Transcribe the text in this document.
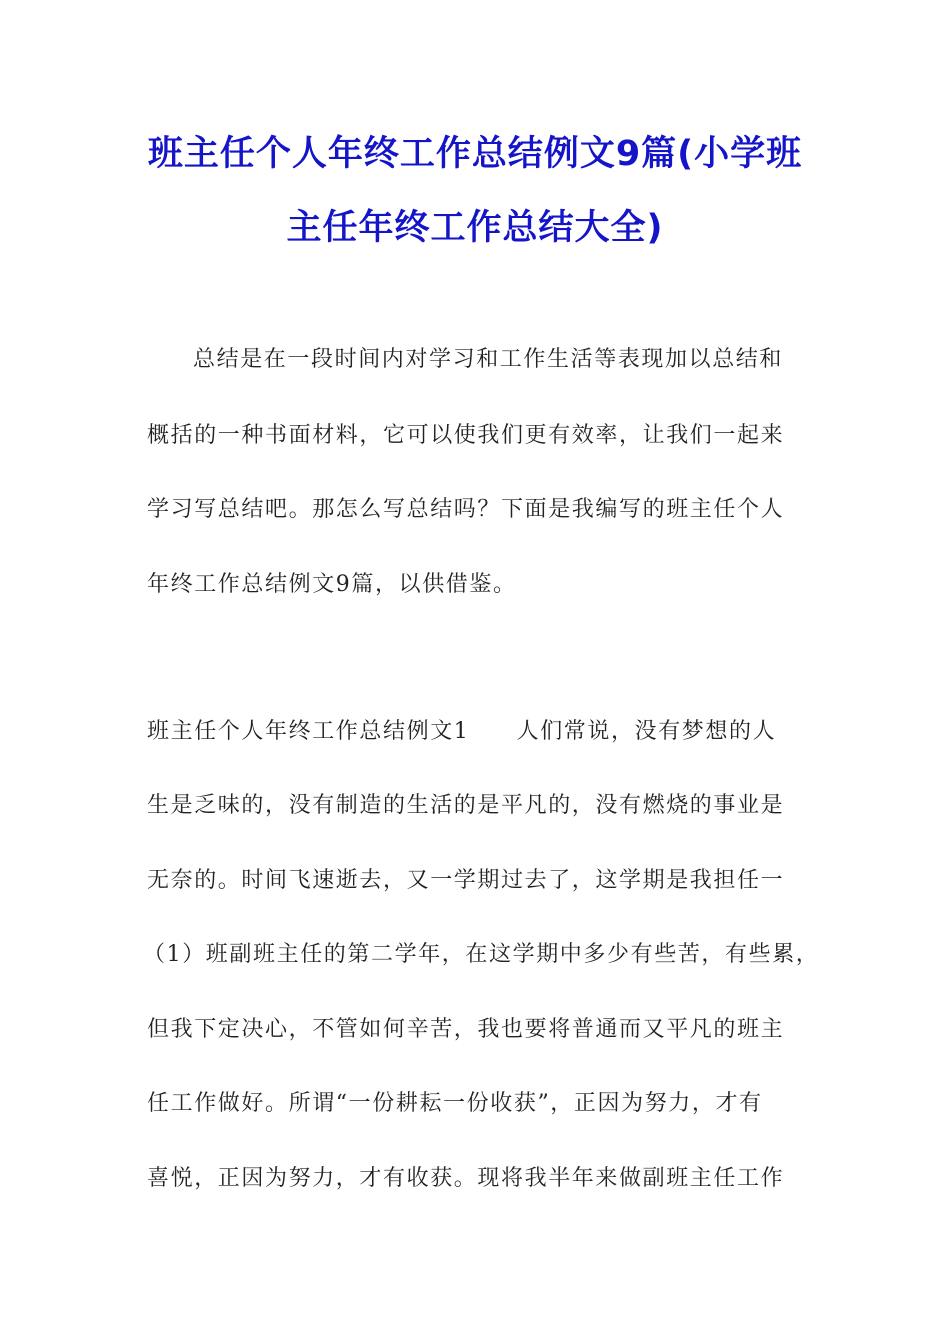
班主任个人年终工作总结例文9篇(小学班
主任年终工作总结大全)
总结是在一段时间内对学习和工作生活等表现加以总结和
概括的一种书面材料，它可以使我们更有效率，让我们一起来
学习写总结吧。那怎么写总结吗？下面是我编写的班主任个人
年终工作总结例文9篇，以供借鉴。
班主任个人年终工作总结例文1　　人们常说，没有梦想的人
生是乏味的，没有制造的生活的是平凡的，没有燃烧的事业是
无奈的。时间飞速逝去，又一学期过去了，这学期是我担任一
（1）班副班主任的第二学年，在这学期中多少有些苦，有些累，
但我下定决心，不管如何辛苦，我也要将普通而又平凡的班主
任工作做好。所谓“一份耕耘一份收获”，正因为努力，才有
喜悦，正因为努力，才有收获。现将我半年来做副班主任工作
